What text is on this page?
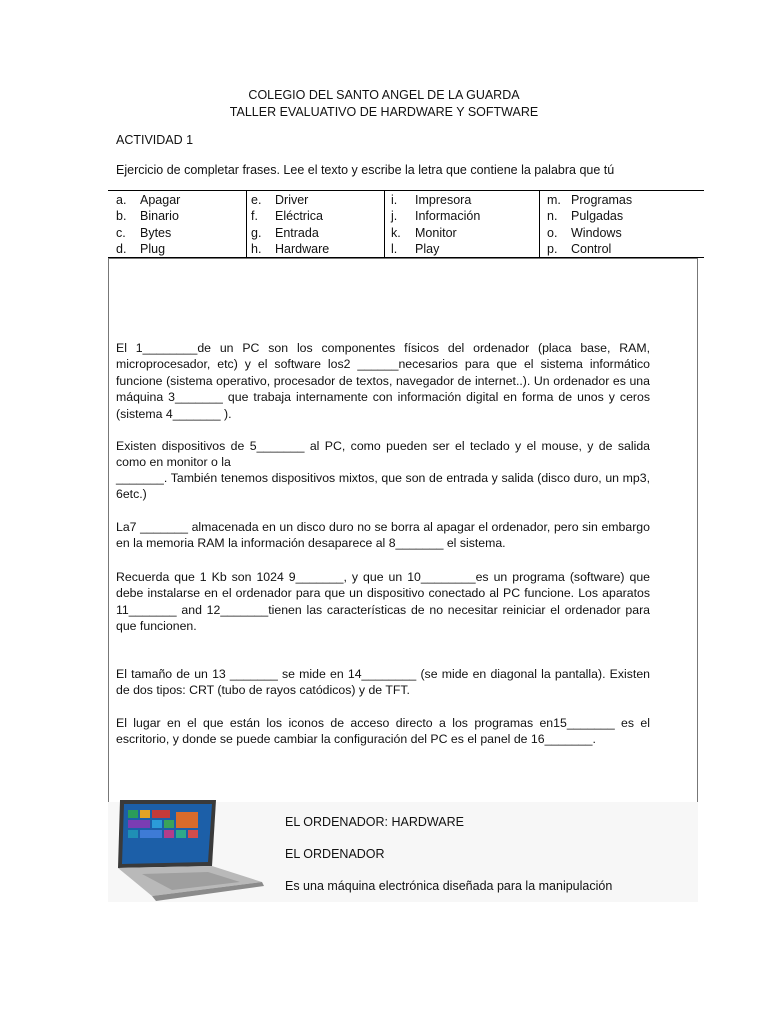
COLEGIO DEL SANTO ANGEL DE LA GUARDA
TALLER EVALUATIVO DE HARDWARE Y SOFTWARE
ACTIVIDAD 1
Ejercicio de completar frases. Lee el texto y escribe la letra que contiene la palabra que tú
a. Apagar
b. Binario
c. Bytes
d. Plug
e. Driver
f. Eléctrica
g. Entrada
h. Hardware
i. Impresora
j. Información
k. Monitor
l. Play
m. Programas
n. Pulgadas
o. Windows
p. Control
El 1________de un PC son los componentes físicos del ordenador (placa base, RAM, microprocesador, etc) y el software los2 ______necesarios para que el sistema informático funcione (sistema operativo, procesador de textos, navegador de internet..). Un ordenador es una máquina 3_______ que trabaja internamente con información digital en forma de unos y ceros (sistema 4_______ ).
Existen dispositivos de 5_______ al PC, como pueden ser el teclado y el mouse, y de salida como en monitor o la
_______. También tenemos dispositivos mixtos, que son de entrada y salida (disco duro, un mp3, 6etc.)
La7 _______ almacenada en un disco duro no se borra al apagar el ordenador, pero sin embargo en la memoria RAM la información desaparece al 8_______ el sistema.
Recuerda que 1 Kb son 1024 9_______, y que un 10________es un programa (software) que debe instalarse en el ordenador para que un dispositivo conectado al PC funcione. Los aparatos 11_______ and 12_______tienen las características de no necesitar reiniciar el ordenador para que funcionen.
El tamaño de un 13 _______ se mide en 14________ (se mide en diagonal la pantalla). Existen de dos tipos: CRT (tubo de rayos catódicos) y de TFT.
El lugar en el que están los iconos de acceso directo a los programas en15_______ es el escritorio, y donde se puede cambiar la configuración del PC es el panel de 16_______.
EL ORDENADOR: HARDWARE
EL ORDENADOR
Es una máquina electrónica diseñada para la manipulación
